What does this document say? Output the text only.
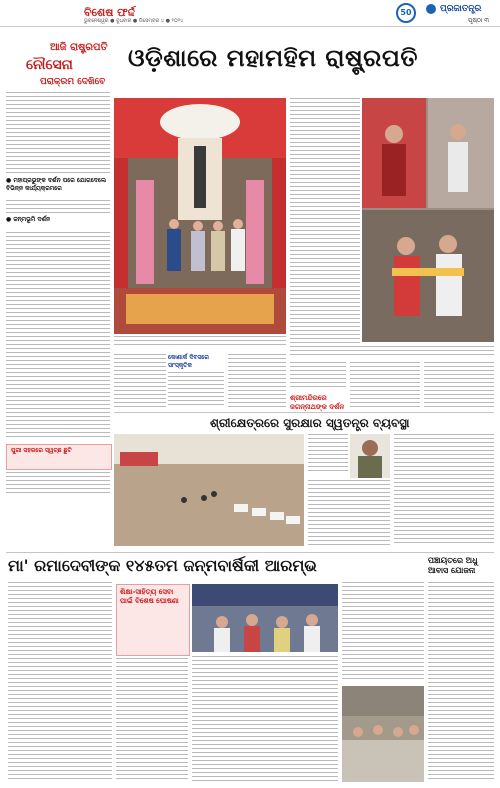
ବିଶେଷ ଫର୍ଦ୍ଦ
ଭୁବନେଶ୍ୱର ● ବୁଧବାର ● ଡିସେମ୍ବର ୪ ● ୨୦୨୪
50	ପ୍ରଜାତନ୍ତ୍ର
ପୃଷ୍ଠା ୩
ଆଜି ରାଷ୍ଟ୍ରପତି
ନୌସେନା
ପରାକ୍ରମ ଦେଖିବେ
ଓଡ଼ିଶାରେ ମହାମହିମ ରାଷ୍ଟ୍ରପତି
● ମହାପ୍ରଭୁଙ୍କ ଦର୍ଶନ ପରେ ଯୋଗଦେଲେ ବିଭିନ୍ନ କାର୍ଯ୍ୟକ୍ରମରେ
● ଜନ୍ମଭୂମି ଦର୍ଶନ
ପୁରୀ ସହରରେ ସ୍ୱଚ୍ଛ ଛୁଟି
କୋଣାର୍କ ଦିବସରେ ସାଂସ୍କୃତିକ
ଶ୍ରୀମନ୍ଦିରରେ ଜଗନ୍ନାଥଙ୍କ ଦର୍ଶନ
ଶ୍ରୀକ୍ଷେତ୍ରରେ ସୁରକ୍ଷାର ସ୍ୱତନ୍ତ୍ର ବ୍ୟବସ୍ଥା
ମା' ରମାଦେବୀଙ୍କ ୧୪୫ତମ ଜନ୍ମବାର୍ଷିକୀ ଆରମ୍ଭ	ପଞ୍ଚାୟତରେ ଅଧୁ ଆବାସ ଯୋଜନା
ଶିକ୍ଷା-ସାହିତ୍ୟ ସେବା ପାଇଁ ବିଶେଷ ଘୋଷଣା
